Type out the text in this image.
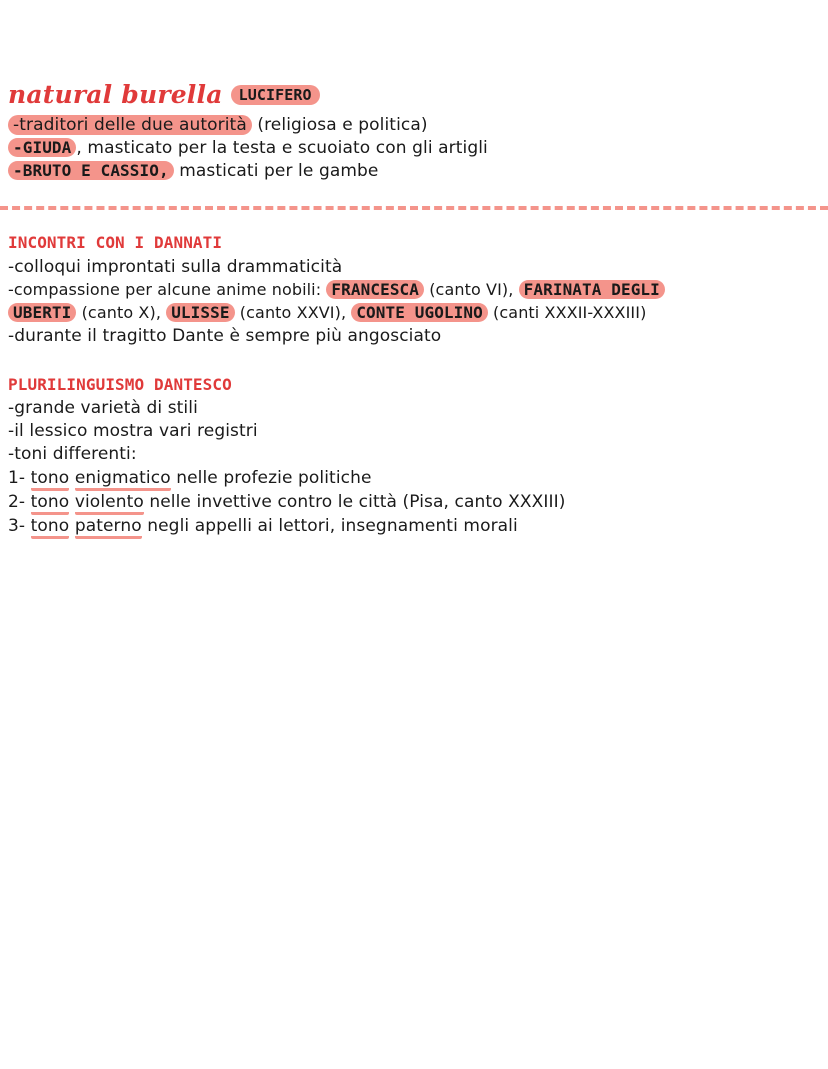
natural burella LUCIFERO
-traditori delle due autorità (religiosa e politica)
-GIUDA , masticato per la testa e scuoiato con gli artigli
-BRUTO E CASSIO, masticati per le gambe
INCONTRI CON I DANNATI
-colloqui improntati sulla drammaticità
-compassione per alcune anime nobili: FRANCESCA (canto VI), FARINATA DEGLI
UBERTI (canto X), ULISSE (canto XXVI), CONTE UGOLINO (canti XXXII-XXXIII)
-durante il tragitto Dante è sempre più angosciato
PLURILINGUISMO DANTESCO
-grande varietà di stili
-il lessico mostra vari registri
-toni differenti:
1- tono enigmatico nelle profezie politiche
2- tono violento nelle invettive contro le città (Pisa, canto XXXIII)
3- tono paterno negli appelli ai lettori, insegnamenti morali
